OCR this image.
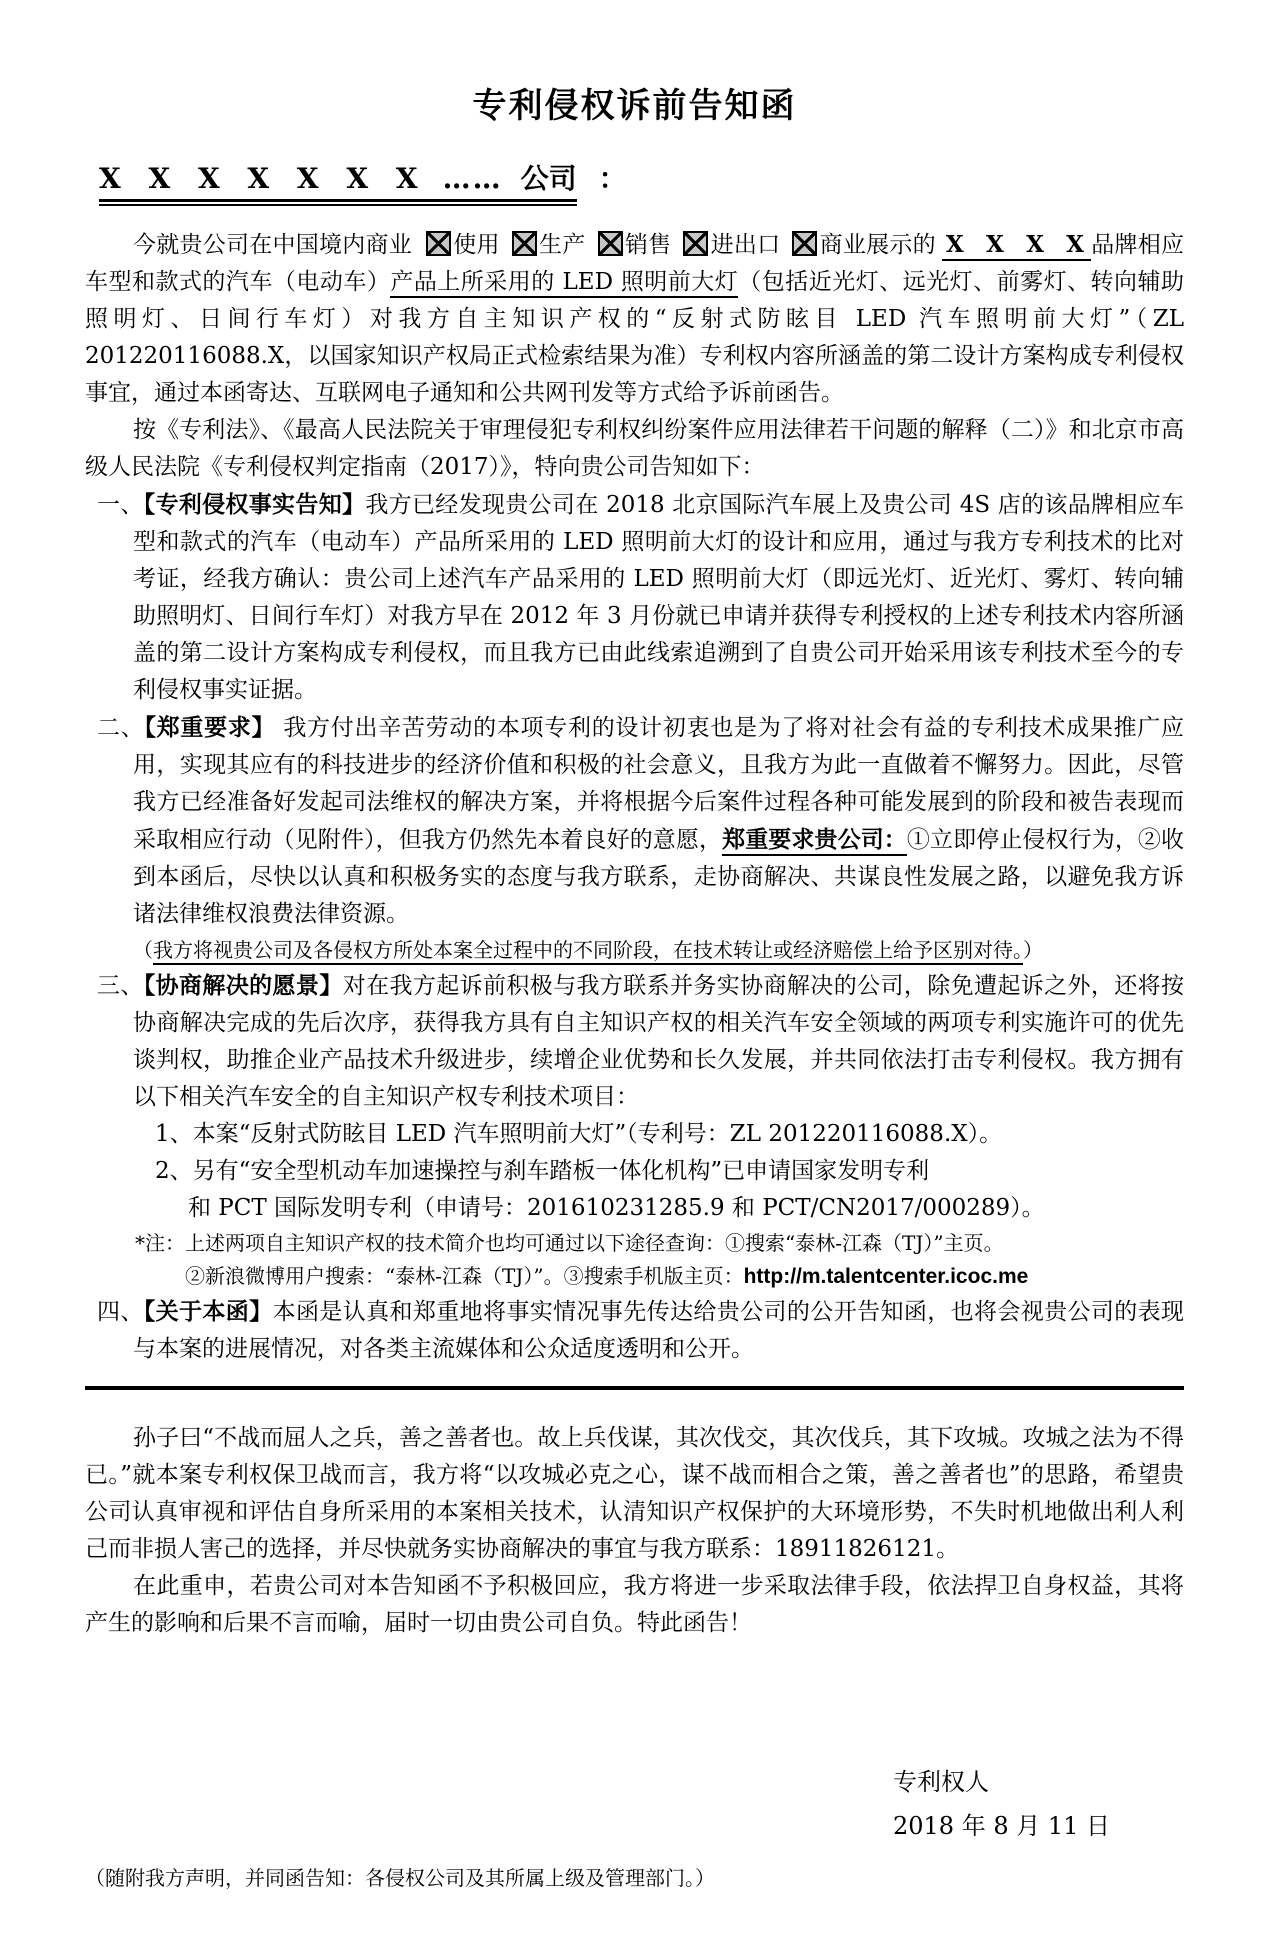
专利侵权诉前告知函
X X X X X X X …… 公司 ：

今就贵公司在中国境内商业 使用 生产 销售 进出口 商业展示的 X X X X 品牌相应车型和款式的汽车（电动车）产品上所采用的 LED 照明前大灯（包括近光灯、远光灯、前雾灯、转向辅助照明灯、日间行车灯）对我方自主知识产权的“反射式防眩目 LED 汽车照明前大灯”（ZL 201220116088.X，以国家知识产权局正式检索结果为准）专利权内容所涵盖的第二设计方案构成专利侵权事宜，通过本函寄达、互联网电子通知和公共网刊发等方式给予诉前函告。

按《专利法》、《最高人民法院关于审理侵犯专利权纠纷案件应用法律若干问题的解释（二）》和北京市高级人民法院《专利侵权判定指南（2017）》，特向贵公司告知如下：

一、【专利侵权事实告知】我方已经发现贵公司在 2018 北京国际汽车展上及贵公司 4S 店的该品牌相应车型和款式的汽车（电动车）产品所采用的 LED 照明前大灯的设计和应用，通过与我方专利技术的比对考证，经我方确认：贵公司上述汽车产品采用的 LED 照明前大灯（即远光灯、近光灯、雾灯、转向辅助照明灯、日间行车灯）对我方早在 2012 年 3 月份就已申请并获得专利授权的上述专利技术内容所涵盖的第二设计方案构成专利侵权，而且我方已由此线索追溯到了自贵公司开始采用该专利技术至今的专利侵权事实证据。

二、【郑重要求】 我方付出辛苦劳动的本项专利的设计初衷也是为了将对社会有益的专利技术成果推广应用，实现其应有的科技进步的经济价值和积极的社会意义，且我方为此一直做着不懈努力。因此，尽管我方已经准备好发起司法维权的解决方案，并将根据今后案件过程各种可能发展到的阶段和被告表现而采取相应行动（见附件），但我方仍然先本着良好的意愿，郑重要求贵公司：①立即停止侵权行为，②收到本函后，尽快以认真和积极务实的态度与我方联系，走协商解决、共谋良性发展之路，以避免我方诉诸法律维权浪费法律资源。

（我方将视贵公司及各侵权方所处本案全过程中的不同阶段，在技术转让或经济赔偿上给予区别对待。）

三、【协商解决的愿景】对在我方起诉前积极与我方联系并务实协商解决的公司，除免遭起诉之外，还将按协商解决完成的先后次序，获得我方具有自主知识产权的相关汽车安全领域的两项专利实施许可的优先谈判权，助推企业产品技术升级进步，续增企业优势和长久发展，并共同依法打击专利侵权。我方拥有以下相关汽车安全的自主知识产权专利技术项目：

1、本案“反射式防眩目 LED 汽车照明前大灯”（专利号：ZL 201220116088.X）。

2、另有“安全型机动车加速操控与刹车踏板一体化机构”已申请国家发明专利
和 PCT 国际发明专利（申请号：201610231285.9 和 PCT/CN2017/000289）。

*注：上述两项自主知识产权的技术简介也均可通过以下途径查询：①搜索“泰林-江森（TJ）”主页。
②新浪微博用户搜索：“泰林-江森（TJ）”。③搜索手机版主页：http://m.talentcenter.icoc.me

四、【关于本函】本函是认真和郑重地将事实情况事先传达给贵公司的公开告知函，也将会视贵公司的表现与本案的进展情况，对各类主流媒体和公众适度透明和公开。

孙子曰“不战而屈人之兵，善之善者也。故上兵伐谋，其次伐交，其次伐兵，其下攻城。攻城之法为不得已。”就本案专利权保卫战而言，我方将“以攻城必克之心，谋不战而相合之策，善之善者也”的思路，希望贵公司认真审视和评估自身所采用的本案相关技术，认清知识产权保护的大环境形势，不失时机地做出利人利己而非损人害己的选择，并尽快就务实协商解决的事宜与我方联系：18911826121。

在此重申，若贵公司对本告知函不予积极回应，我方将进一步采取法律手段，依法捍卫自身权益，其将产生的影响和后果不言而喻，届时一切由贵公司自负。特此函告！

专利权人
2018 年 8 月 11 日

（随附我方声明，并同函告知：各侵权公司及其所属上级及管理部门。）
